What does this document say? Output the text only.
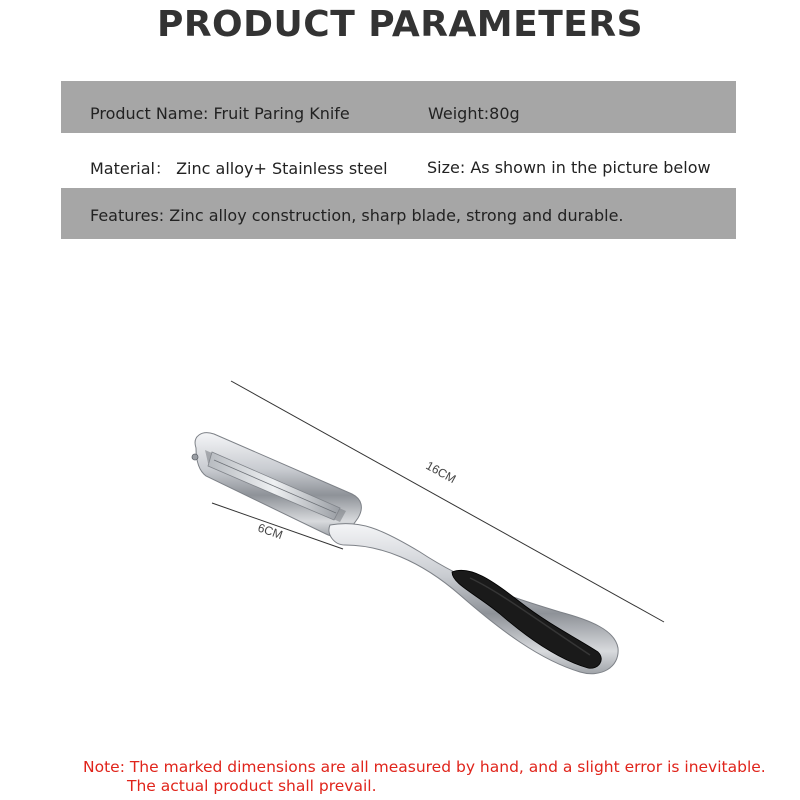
PRODUCT PARAMETERS
Product Name: Fruit Paring Knife	Weight:80g
Material： Zinc alloy+ Stainless steel Size: As shown in the picture below
Features: Zinc alloy construction, sharp blade, strong and durable.
16CM
6CM
Note: The marked dimensions are all measured by hand, and a slight error is inevitable.
The actual product shall prevail.
